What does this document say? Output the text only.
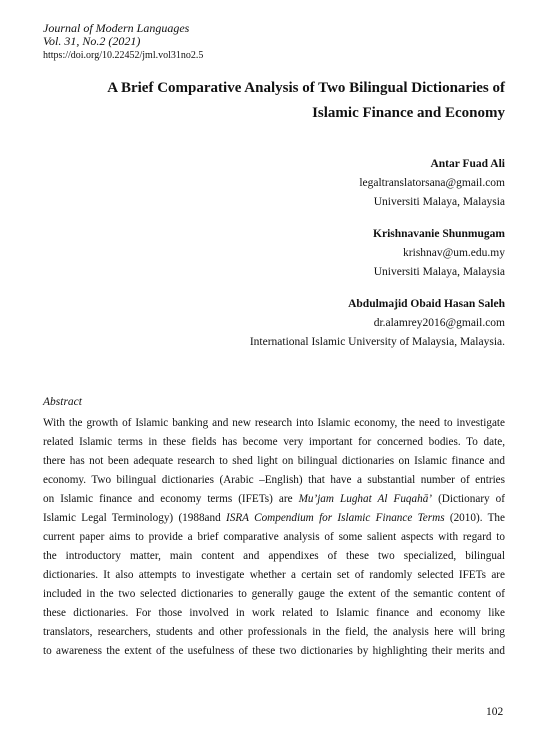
Journal of Modern Languages
Vol. 31, No.2 (2021)
https://doi.org/10.22452/jml.vol31no2.5
A Brief Comparative Analysis of Two Bilingual Dictionaries of
Islamic Finance and Economy
Antar Fuad Ali
legaltranslatorsana@gmail.com
Universiti Malaya, Malaysia
Krishnavanie Shunmugam
krishnav@um.edu.my
Universiti Malaya, Malaysia
Abdulmajid Obaid Hasan Saleh
dr.alamrey2016@gmail.com
International Islamic University of Malaysia, Malaysia.
Abstract
With the growth of Islamic banking and new research into Islamic economy, the need to investigate
related Islamic terms in these fields has become very important for concerned bodies. To date,
there has not been adequate research to shed light on bilingual dictionaries on Islamic finance and
economy. Two bilingual dictionaries (Arabic –English) that have a substantial number of entries
on Islamic finance and economy terms (IFETs) are Mu’jam Lughat Al Fuqahā’ (Dictionary of
Islamic Legal Terminology) (1988and ISRA Compendium for Islamic Finance Terms (2010). The
current paper aims to provide a brief comparative analysis of some salient aspects with regard to
the introductory matter, main content and appendixes of these two specialized, bilingual
dictionaries. It also attempts to investigate whether a certain set of randomly selected IFETs are
included in the two selected dictionaries to generally gauge the extent of the semantic content of
these dictionaries. For those involved in work related to Islamic finance and economy like
translators, researchers, students and other professionals in the field, the analysis here will bring
to awareness the extent of the usefulness of these two dictionaries by highlighting their merits and
102
